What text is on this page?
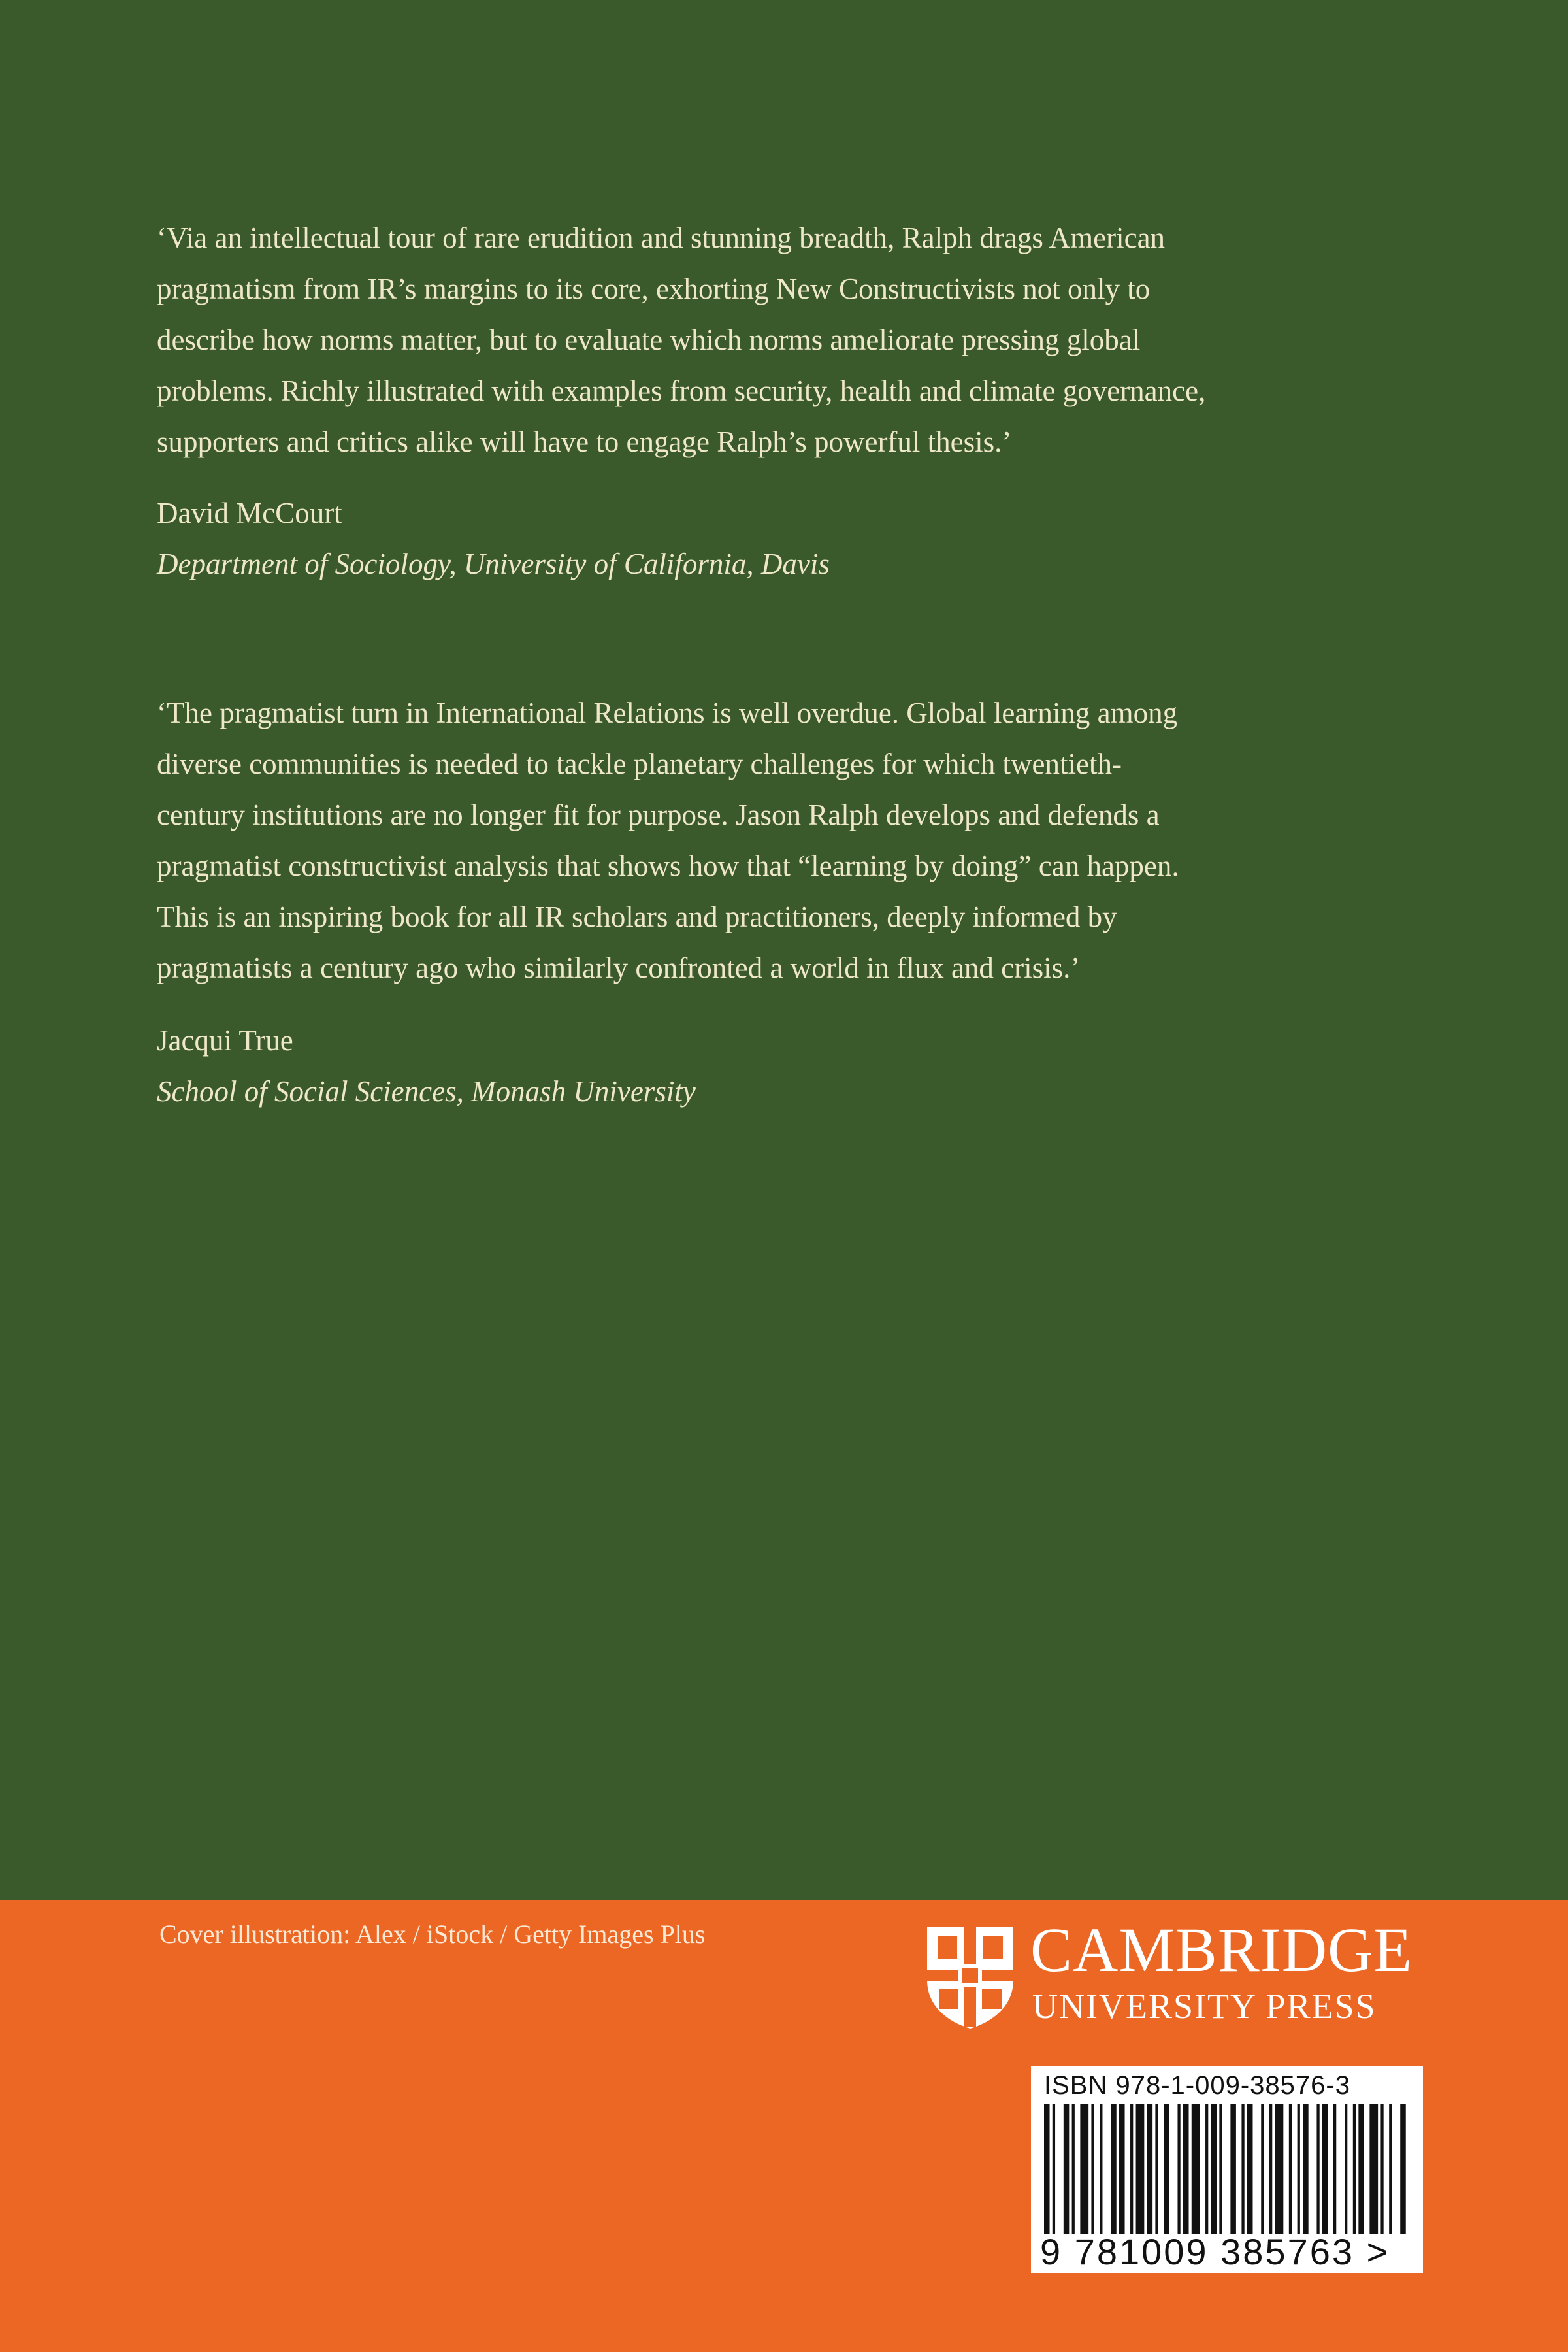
‘Via an intellectual tour of rare erudition and stunning breadth, Ralph drags American
pragmatism from IR’s margins to its core, exhorting New Constructivists not only to
describe how norms matter, but to evaluate which norms ameliorate pressing global
problems. Richly illustrated with examples from security, health and climate governance,
supporters and critics alike will have to engage Ralph’s powerful thesis.’

David McCourt

Department of Sociology, University of California, Davis

‘The pragmatist turn in International Relations is well overdue. Global learning among
diverse communities is needed to tackle planetary challenges for which twentieth-
century institutions are no longer fit for purpose. Jason Ralph develops and defends a
pragmatist constructivist analysis that shows how that “learning by doing” can happen.
This is an inspiring book for all IR scholars and practitioners, deeply informed by
pragmatists a century ago who similarly confronted a world in flux and crisis.’

Jacqui True

School of Social Sciences, Monash University

Cover illustration: Alex / iStock / Getty Images Plus	CAMBRIDGE

UNIVERSITY PRESS

ISBN 978-1-009-38576-3

9 781009 385763 >
